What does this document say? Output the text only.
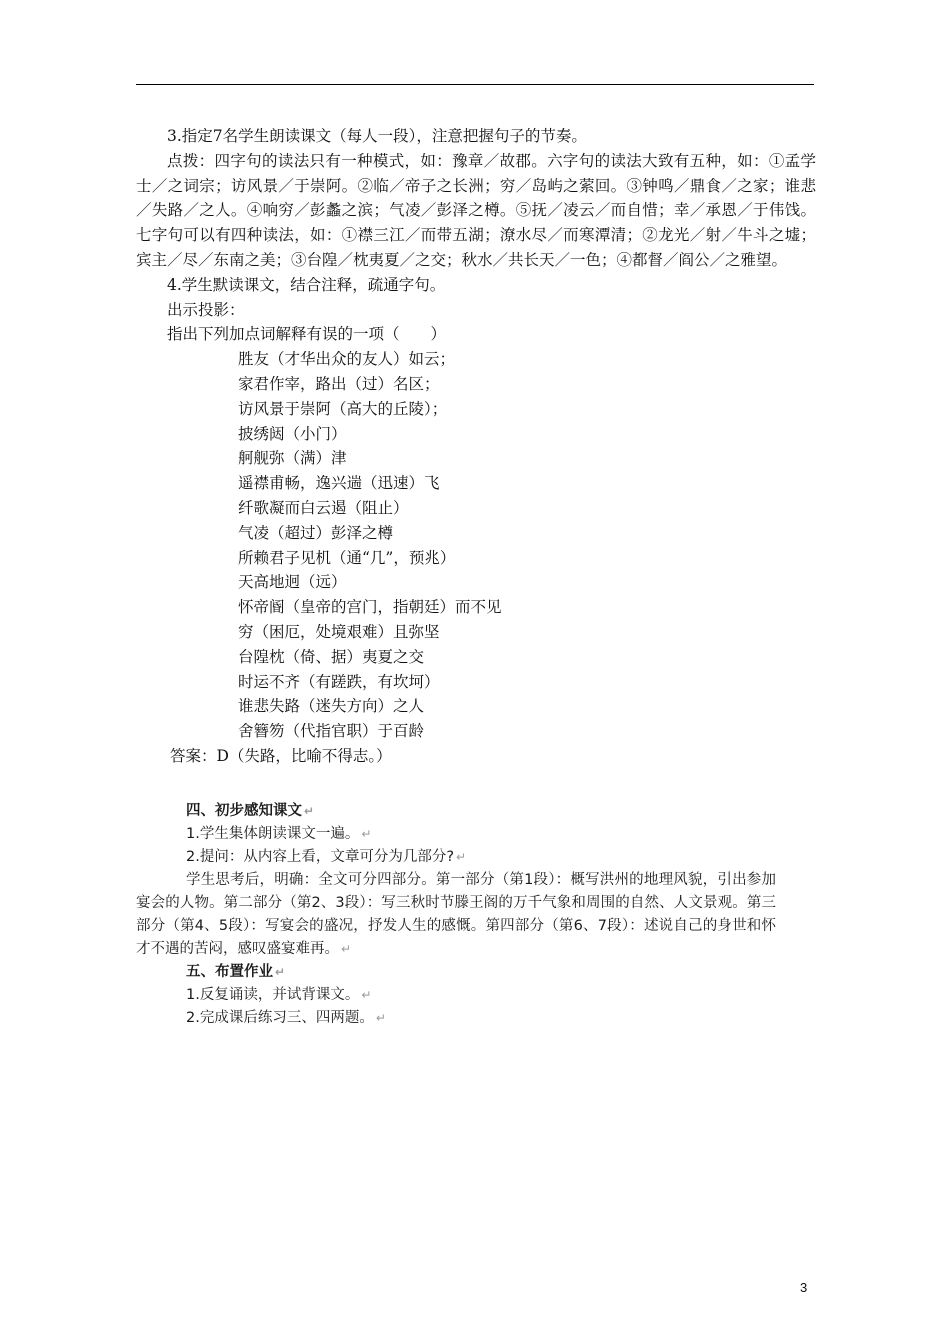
3.指定7名学生朗读课文（每人一段），注意把握句子的节奏。

点拨：四字句的读法只有一种模式，如：豫章／故郡。六字句的读法大致有五种，如：①孟学士／之词宗；访风景／于崇阿。②临／帝子之长洲；穷／岛屿之萦回。③钟鸣／鼎食／之家；谁悲／失路／之人。④响穷／彭蠡之滨；气凌／彭泽之樽。⑤抚／凌云／而自惜；幸／承恩／于伟饯。七字句可以有四种读法，如：①襟三江／而带五湖；潦水尽／而寒潭清；②龙光／射／牛斗之墟；宾主／尽／东南之美；③台隍／枕夷夏／之交；秋水／共长天／一色；④都督／阎公／之雅望。

4.学生默读课文，结合注释，疏通字句。

出示投影：

指出下列加点词解释有误的一项（　　）

胜友（才华出众的友人）如云；

家君作宰，路出（过）名区；

访风景于崇阿（高大的丘陵）；

披绣闼（小门）

舸舰弥（满）津

遥襟甫畅，逸兴遄（迅速）飞

纤歌凝而白云遏（阻止）

气凌（超过）彭泽之樽

所赖君子见机（通“几”，预兆）

天高地迥（远）

怀帝阍（皇帝的宫门，指朝廷）而不见

穷（困厄，处境艰难）且弥坚

台隍枕（倚、据）夷夏之交

时运不齐（有蹉跌，有坎坷）

谁悲失路（迷失方向）之人

舍簪笏（代指官职）于百龄

答案：D（失路，比喻不得志。）

四、初步感知课文 ↵

1.学生集体朗读课文一遍。 ↵

2.提问：从内容上看，文章可分为几部分? ↵

学生思考后，明确：全文可分四部分。第一部分（第1段）：概写洪州的地理风貌，引出参加宴会的人物。第二部分（第2、3段）：写三秋时节滕王阁的万千气象和周围的自然、人文景观。第三部分（第4、5段）：写宴会的盛况，抒发人生的感慨。第四部分（第6、7段）：述说自己的身世和怀才不遇的苦闷，感叹盛宴难再。 ↵

五、布置作业 ↵

1.反复诵读，并试背课文。 ↵

2.完成课后练习三、四两题。 ↵

3
